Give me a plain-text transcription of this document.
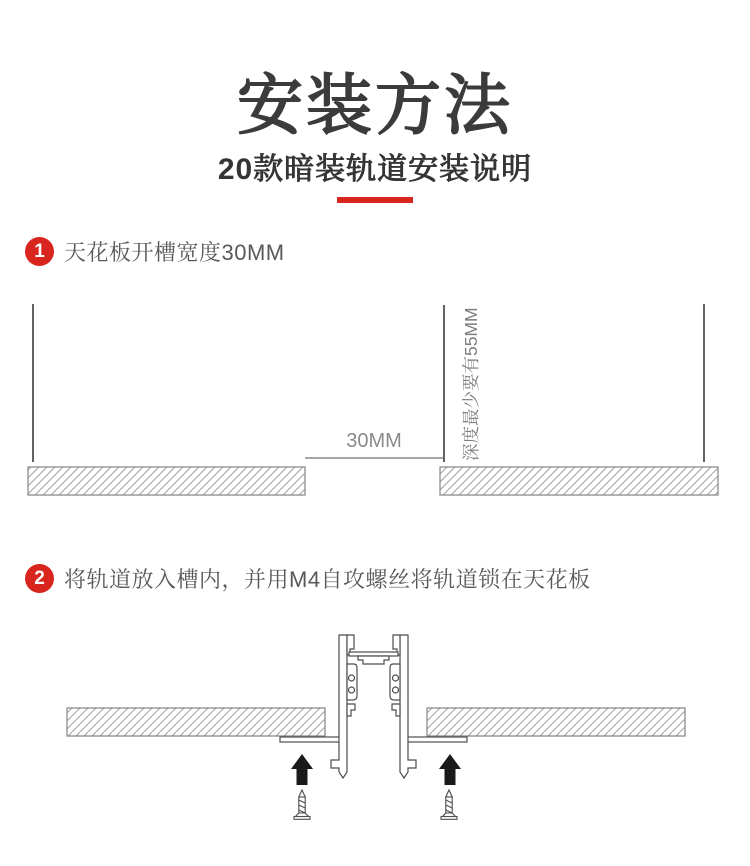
安装方法
20款暗装轨道安装说明
1 天花板开槽宽度30MM
30MM	深度最少要有55MM
2 将轨道放入槽内，并用M4自攻螺丝将轨道锁在天花板
